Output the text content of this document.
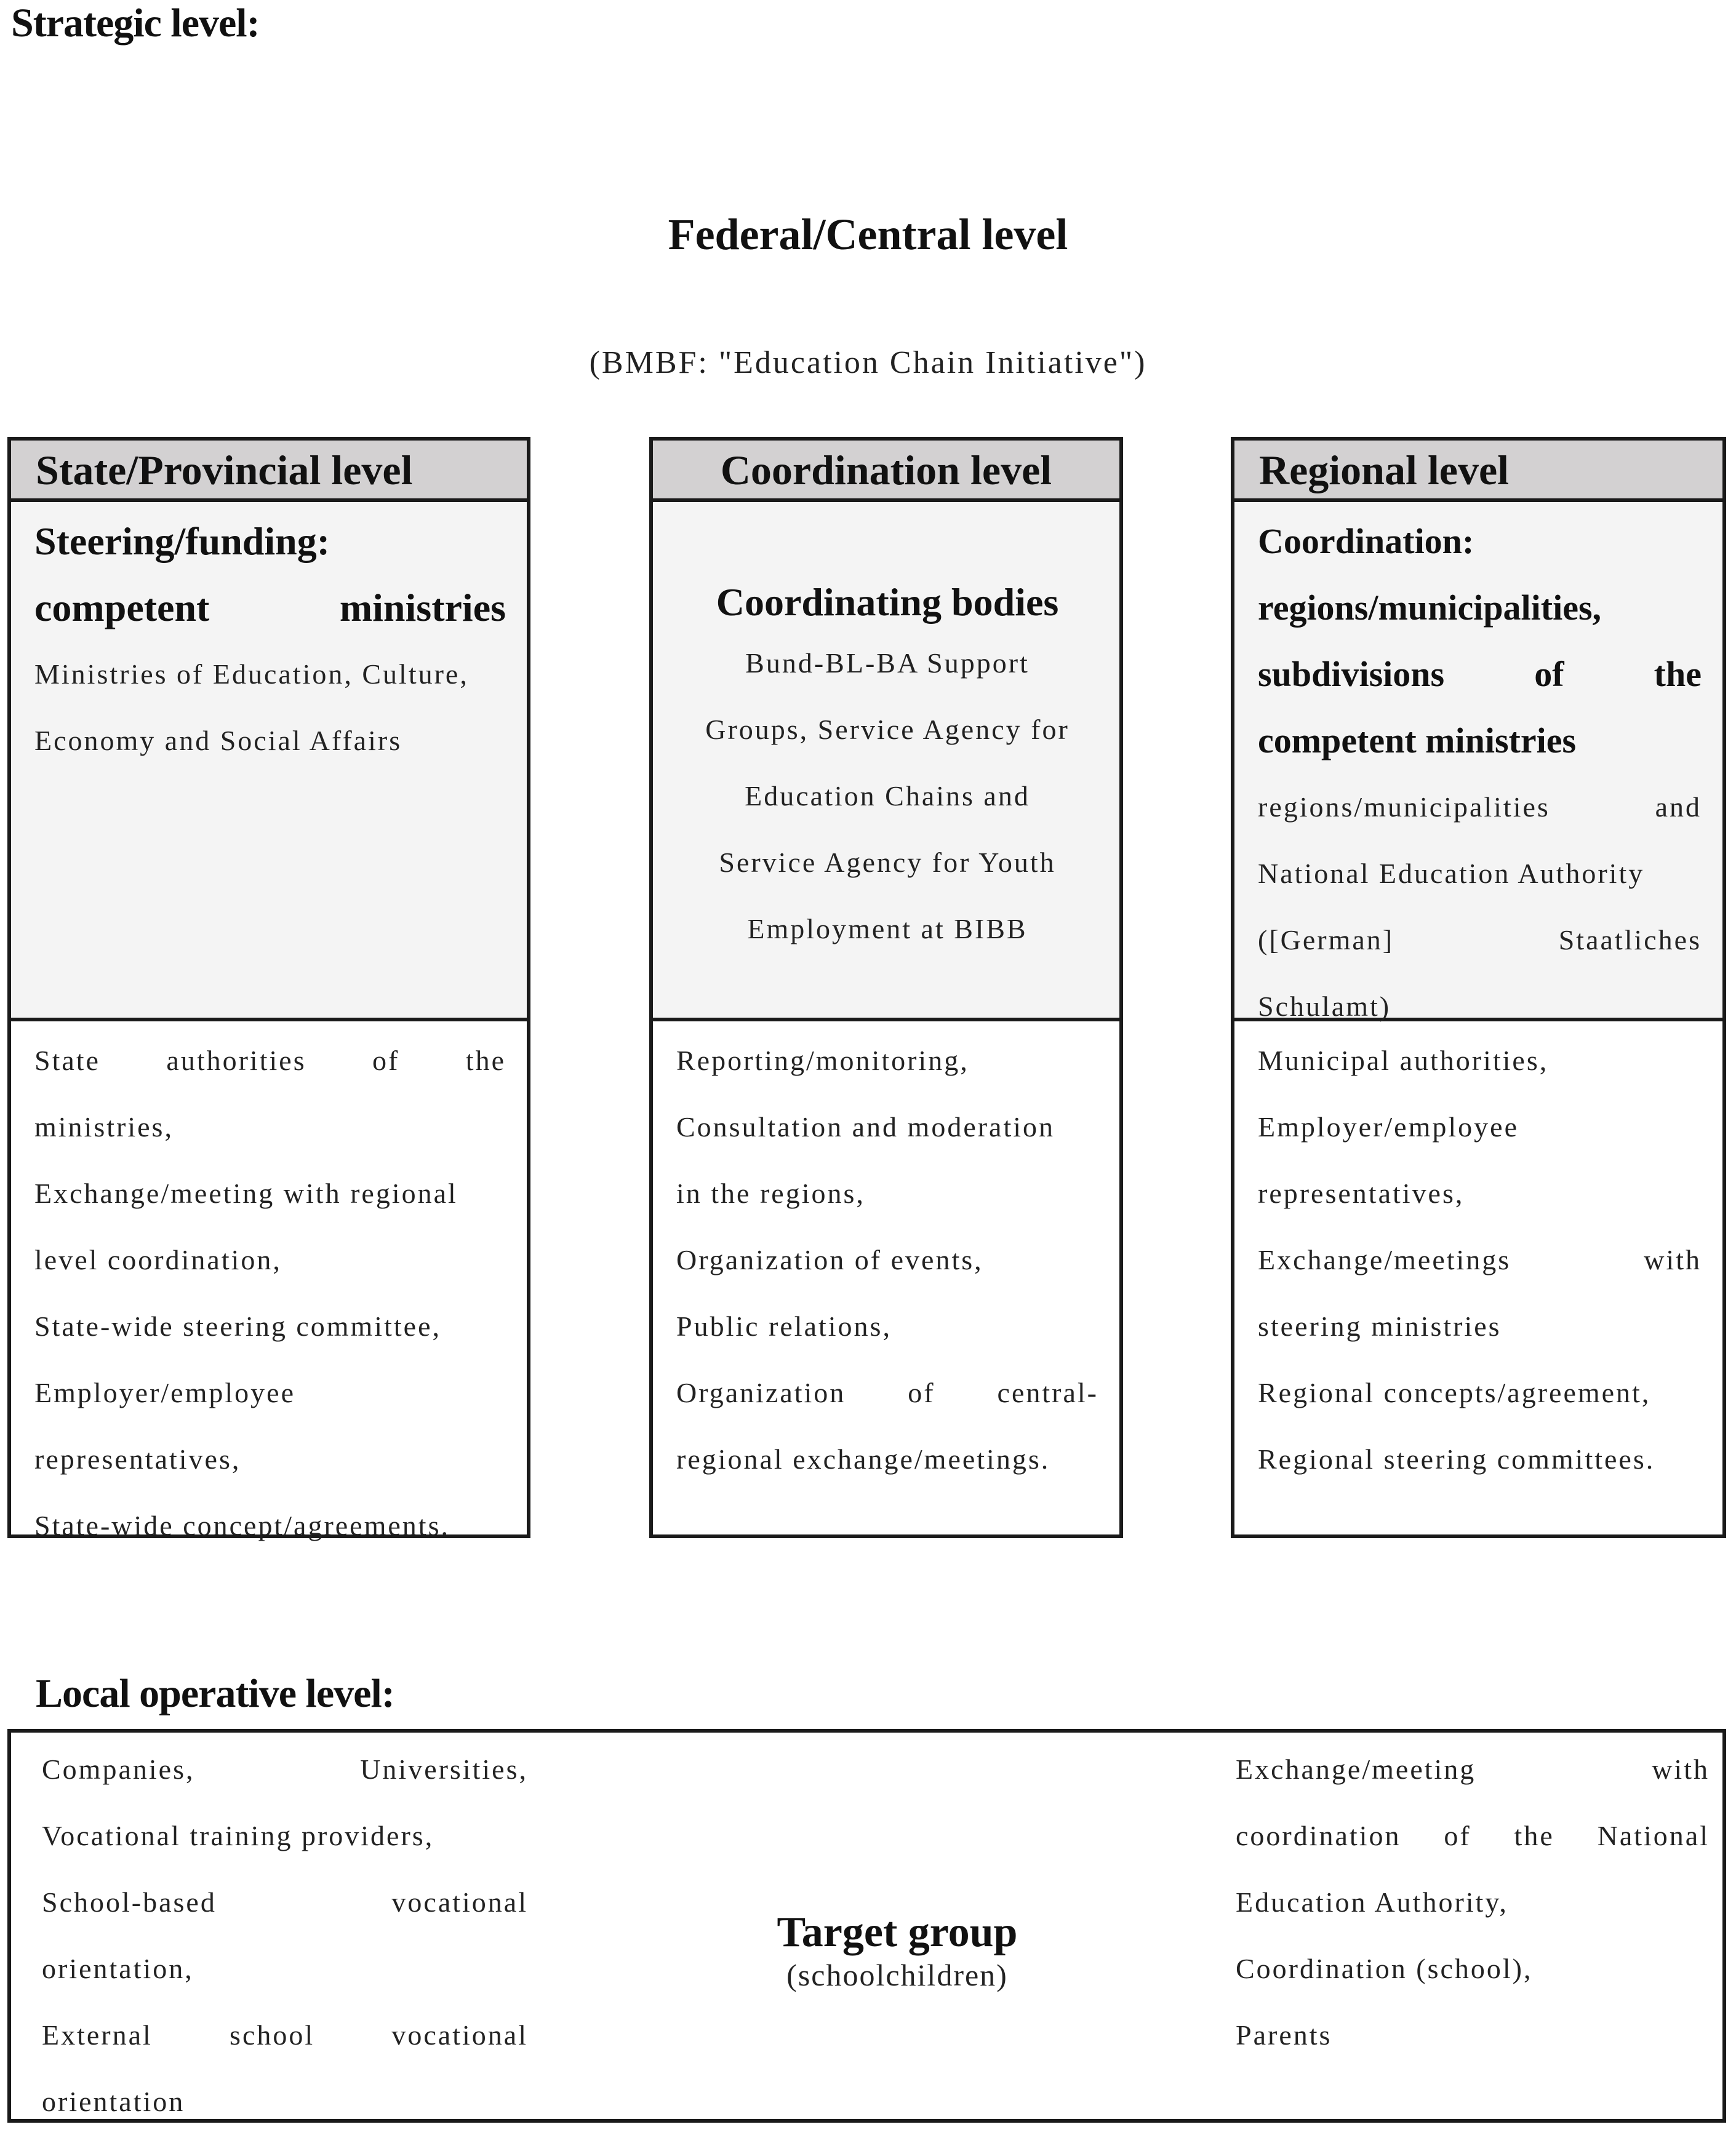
Strategic level:
Federal/Central level
(BMBF: "Education Chain Initiative")
State/Provincial level
Steering/funding:
competent ministries
Ministries of Education, Culture,
Economy and Social Affairs
State authorities of the
ministries,
Exchange/meeting with regional
level coordination,
State-wide steering committee,
Employer/employee
representatives,
State-wide concept/agreements.
Coordination level
Coordinating bodies
Bund-BL-BA Support
Groups, Service Agency for
Education Chains and
Service Agency for Youth
Employment at BIBB
Reporting/monitoring,
Consultation and moderation
in the regions,
Organization of events,
Public relations,
Organization of central-
regional exchange/meetings.
Regional level
Coordination:
regions/municipalities,
subdivisions of the
competent ministries
regions/municipalities and
National Education Authority
([German] Staatliches
Schulamt)
Municipal authorities,
Employer/employee
representatives,
Exchange/meetings with
steering ministries
Regional concepts/agreement,
Regional steering committees.
Local operative level:
Companies, Universities,
Vocational training providers,
School-based vocational
orientation,
External school vocational
orientation
Target group
(schoolchildren)
Exchange/meeting with
coordination of the National
Education Authority,
Coordination (school),
Parents
